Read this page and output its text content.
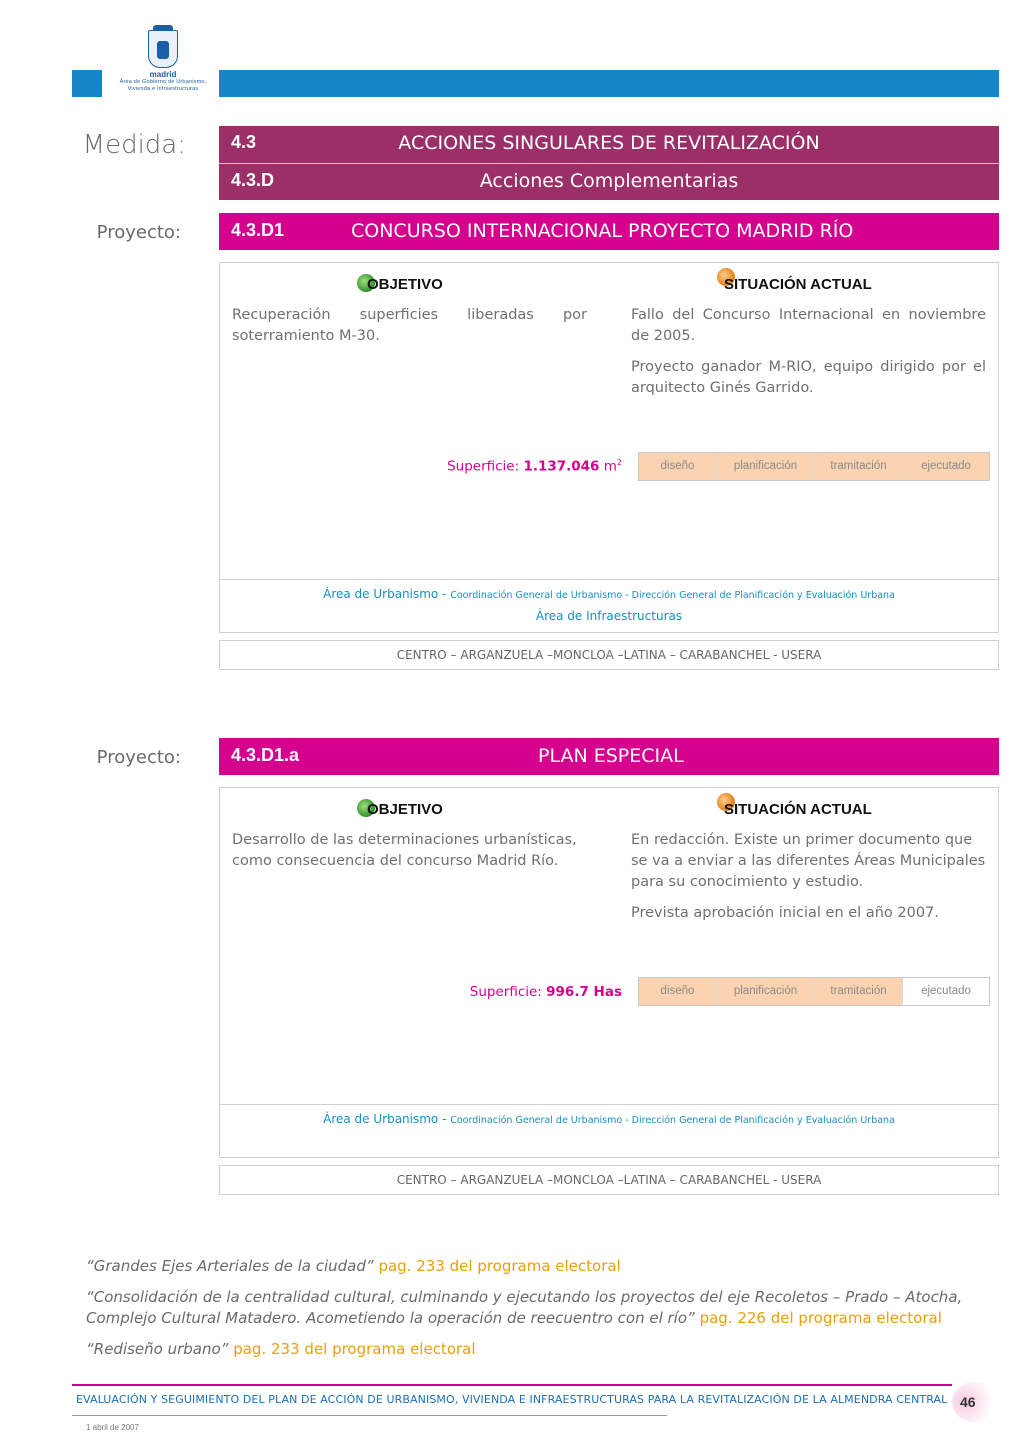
madrid
Área de Gobierno de Urbanismo,
Vivienda e Infraestructuras
Medida:	4.3	ACCIONES SINGULARES DE REVITALIZACIÓN
4.3.D	Acciones Complementarias
Proyecto:	4.3.D1	CONCURSO INTERNACIONAL PROYECTO MADRID RÍO
OBJETIVO	SITUACIÓN ACTUAL
Recuperación superficies liberadas por soterramiento M-30.

Fallo del Concurso Internacional en noviembre de 2005.

Proyecto ganador M-RIO, equipo dirigido por el arquitecto Ginés Garrido.

Superficie: 1.137.046 $m^2$	diseño	planificación	tramitación	ejecutado
Área de Urbanismo - Coordinación General de Urbanismo - Dirección General de Planificación y Evaluación Urbana
Área de Infraestructuras
CENTRO – ARGANZUELA –MONCLOA –LATINA – CARABANCHEL - USERA
Proyecto:	4.3.D1.a	PLAN ESPECIAL
OBJETIVO	SITUACIÓN ACTUAL
Desarrollo de las determinaciones urbanísticas, como consecuencia del concurso Madrid Río.

En redacción. Existe un primer documento que se va a enviar a las diferentes Áreas Municipales para su conocimiento y estudio.

Prevista aprobación inicial en el año 2007.

Superficie: 996.7 Has	diseño	planificación	tramitación	ejecutado
Área de Urbanismo - Coordinación General de Urbanismo - Dirección General de Planificación y Evaluación Urbana
CENTRO – ARGANZUELA –MONCLOA –LATINA – CARABANCHEL - USERA

“Grandes Ejes Arteriales de la ciudad” pag. 233 del programa electoral

“Consolidación de la centralidad cultural, culminando y ejecutando los proyectos del eje Recoletos – Prado – Atocha, Complejo Cultural Matadero. Acometiendo la operación de reecuentro con el río” pag. 226 del programa electoral

“Rediseño urbano” pag. 233 del programa electoral

EVALUACIÓN Y SEGUIMIENTO DEL PLAN DE ACCIÓN DE URBANISMO, VIVIENDA E INFRAESTRUCTURAS PARA LA REVITALIZACIÓN DE LA ALMENDRA CENTRAL 46
1 abril de 2007
